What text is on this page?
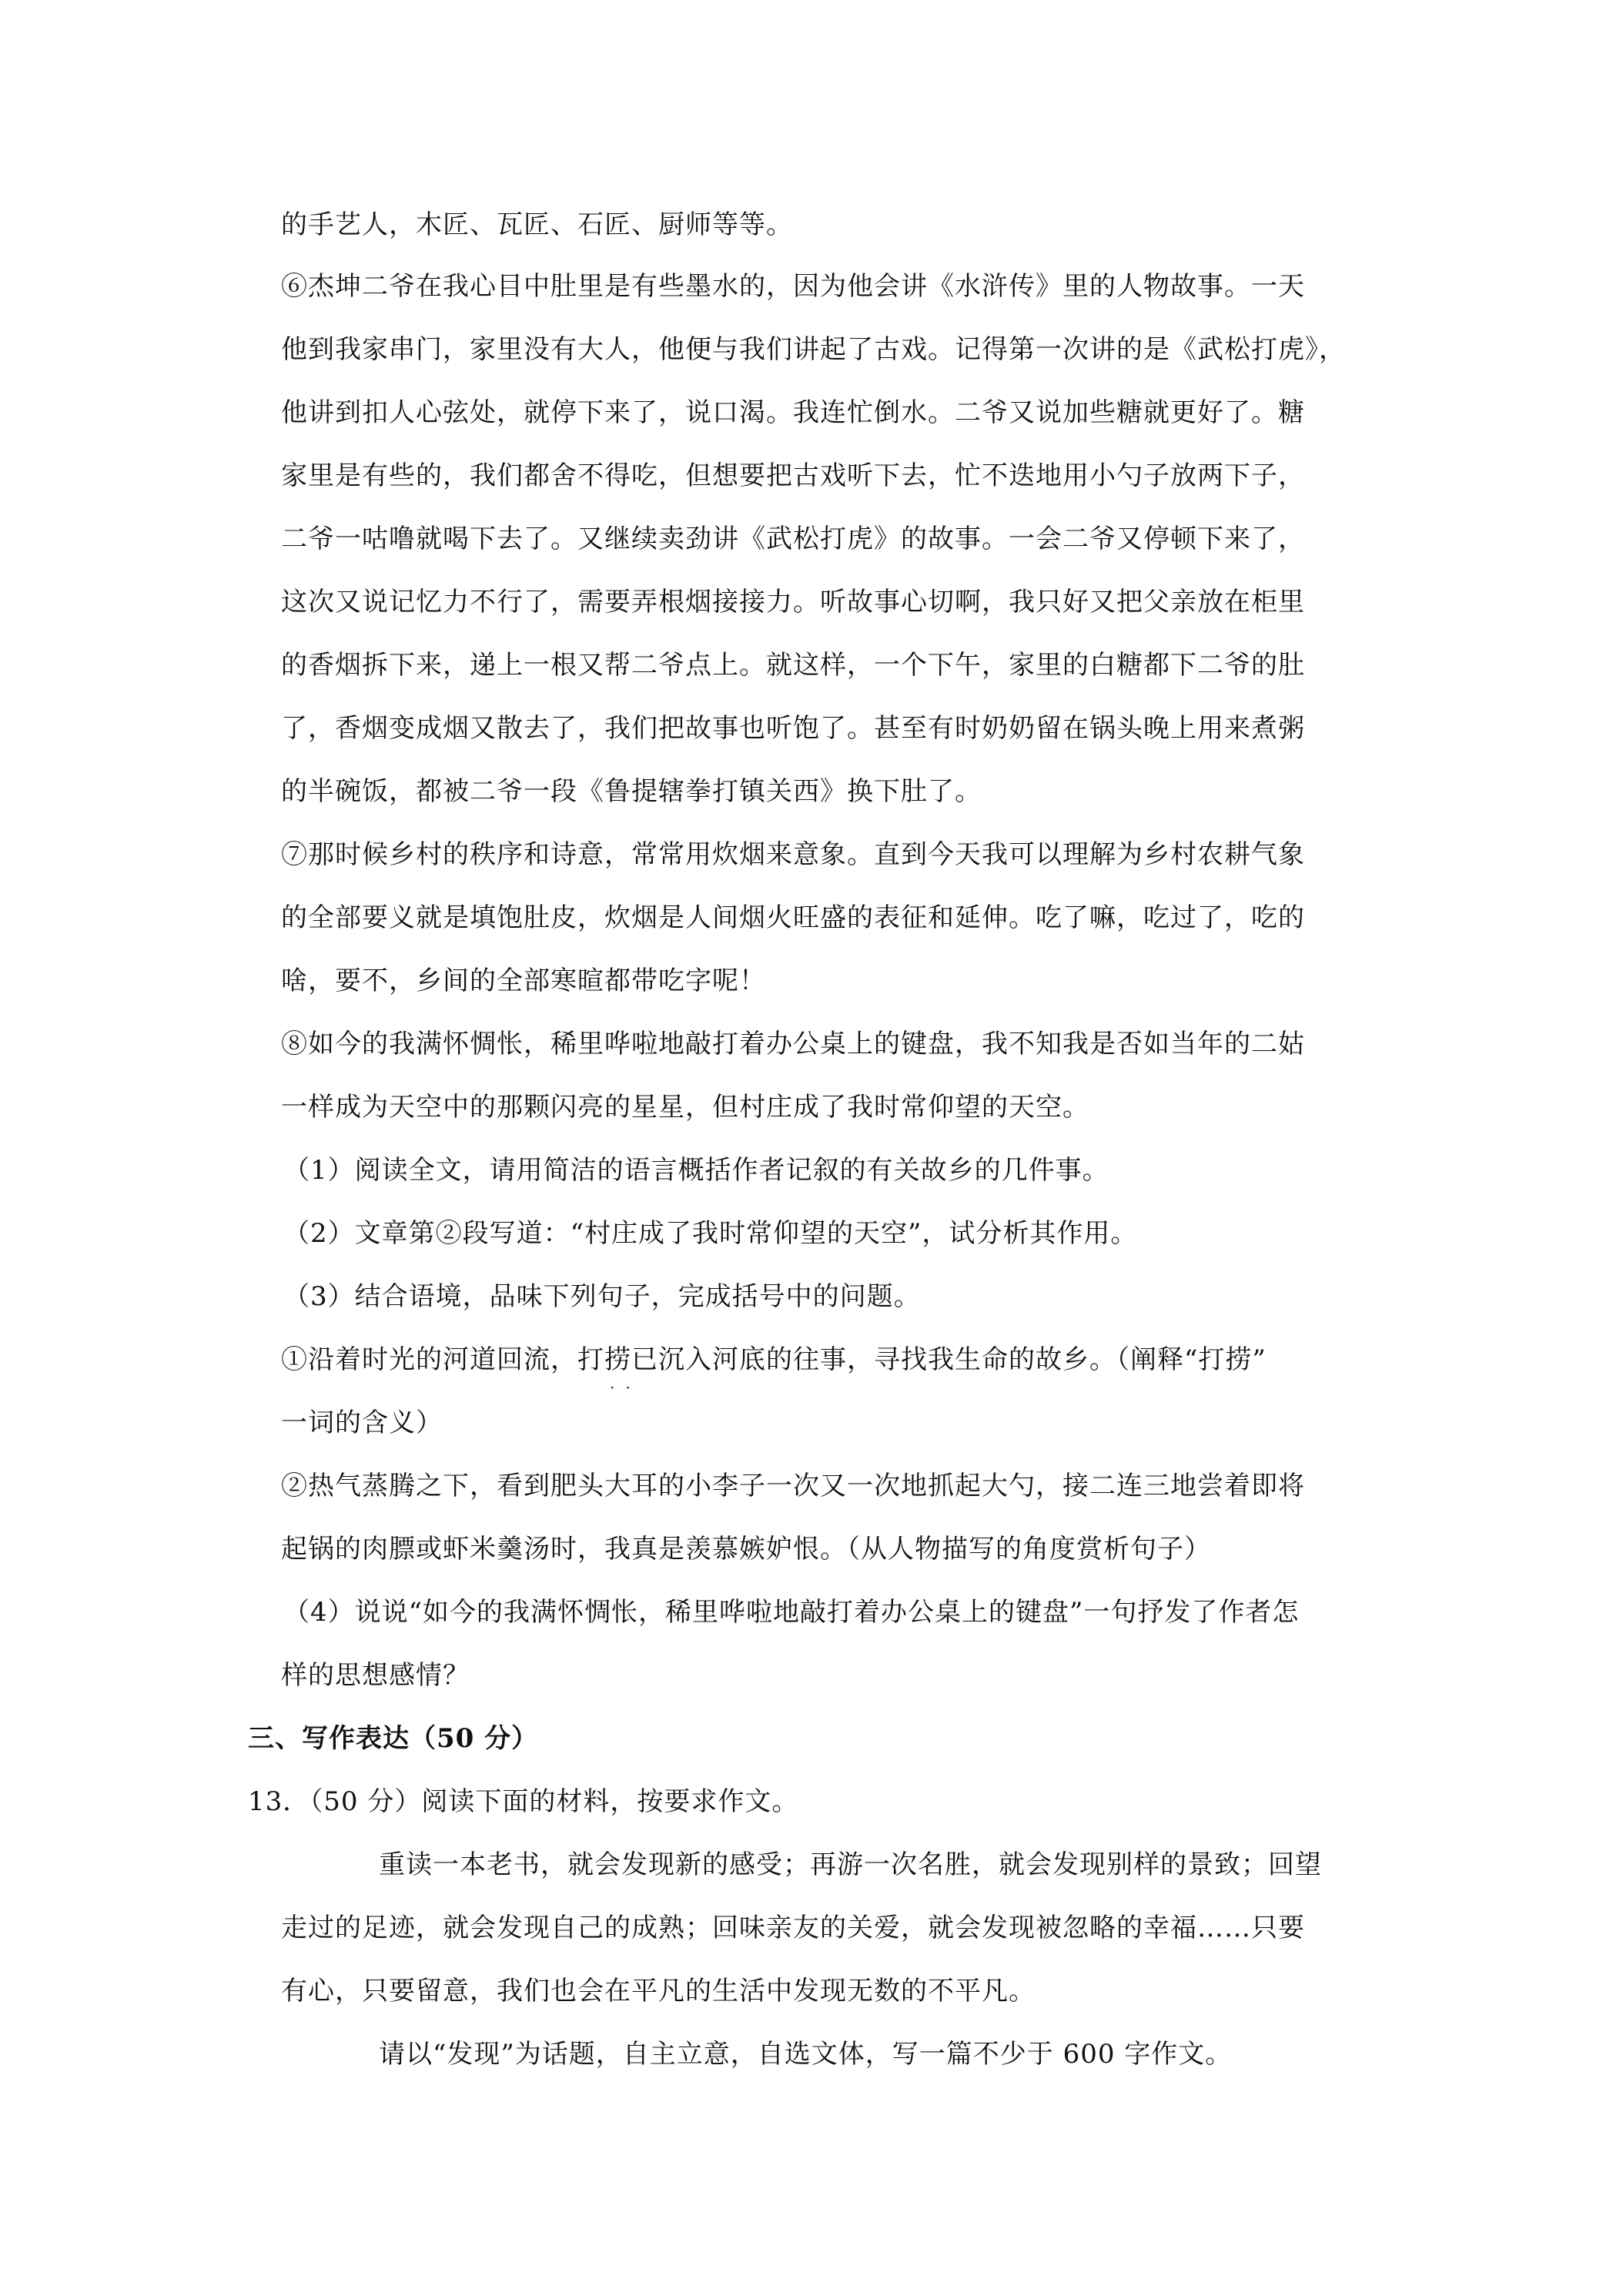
的手艺人，木匠、瓦匠、石匠、厨师等等。
⑥杰坤二爷在我心目中肚里是有些墨水的，因为他会讲《水浒传》里的人物故事。一天
他到我家串门，家里没有大人，他便与我们讲起了古戏。记得第一次讲的是《武松打虎》，
他讲到扣人心弦处，就停下来了，说口渴。我连忙倒水。二爷又说加些糖就更好了。糖
家里是有些的，我们都舍不得吃，但想要把古戏听下去，忙不迭地用小勺子放两下子，
二爷一咕噜就喝下去了。又继续卖劲讲《武松打虎》的故事。一会二爷又停顿下来了，
这次又说记忆力不行了，需要弄根烟接接力。听故事心切啊，我只好又把父亲放在柜里
的香烟拆下来，递上一根又帮二爷点上。就这样，一个下午，家里的白糖都下二爷的肚
了，香烟变成烟又散去了，我们把故事也听饱了。甚至有时奶奶留在锅头晚上用来煮粥
的半碗饭，都被二爷一段《鲁提辖拳打镇关西》换下肚了。
⑦那时候乡村的秩序和诗意，常常用炊烟来意象。直到今天我可以理解为乡村农耕气象
的全部要义就是填饱肚皮，炊烟是人间烟火旺盛的表征和延伸。吃了嘛，吃过了，吃的
啥，要不，乡间的全部寒暄都带吃字呢！
⑧如今的我满怀惆怅，稀里哗啦地敲打着办公桌上的键盘，我不知我是否如当年的二姑
一样成为天空中的那颗闪亮的星星，但村庄成了我时常仰望的天空。
（1）阅读全文，请用简洁的语言概括作者记叙的有关故乡的几件事。
（2）文章第②段写道：“村庄成了我时常仰望的天空”，试分析其作用。
（3）结合语境，品味下列句子，完成括号中的问题。
①沿着时光的河道回流，打捞已沉入河底的往事，寻找我生命的故乡。（阐释“打捞”
··
一词的含义）
②热气蒸腾之下，看到肥头大耳的小李子一次又一次地抓起大勺，接二连三地尝着即将
起锅的肉膘或虾米羹汤时，我真是羡慕嫉妒恨。（从人物描写的角度赏析句子）
（4）说说“如今的我满怀惆怅，稀里哗啦地敲打着办公桌上的键盘”一句抒发了作者怎
样的思想感情？
三、写作表达（50 分）
13．（50 分）阅读下面的材料，按要求作文。
重读一本老书，就会发现新的感受；再游一次名胜，就会发现别样的景致；回望
走过的足迹，就会发现自己的成熟；回味亲友的关爱，就会发现被忽略的幸福……只要
有心，只要留意，我们也会在平凡的生活中发现无数的不平凡。
请以“发现”为话题，自主立意，自选文体，写一篇不少于 600 字作文。
